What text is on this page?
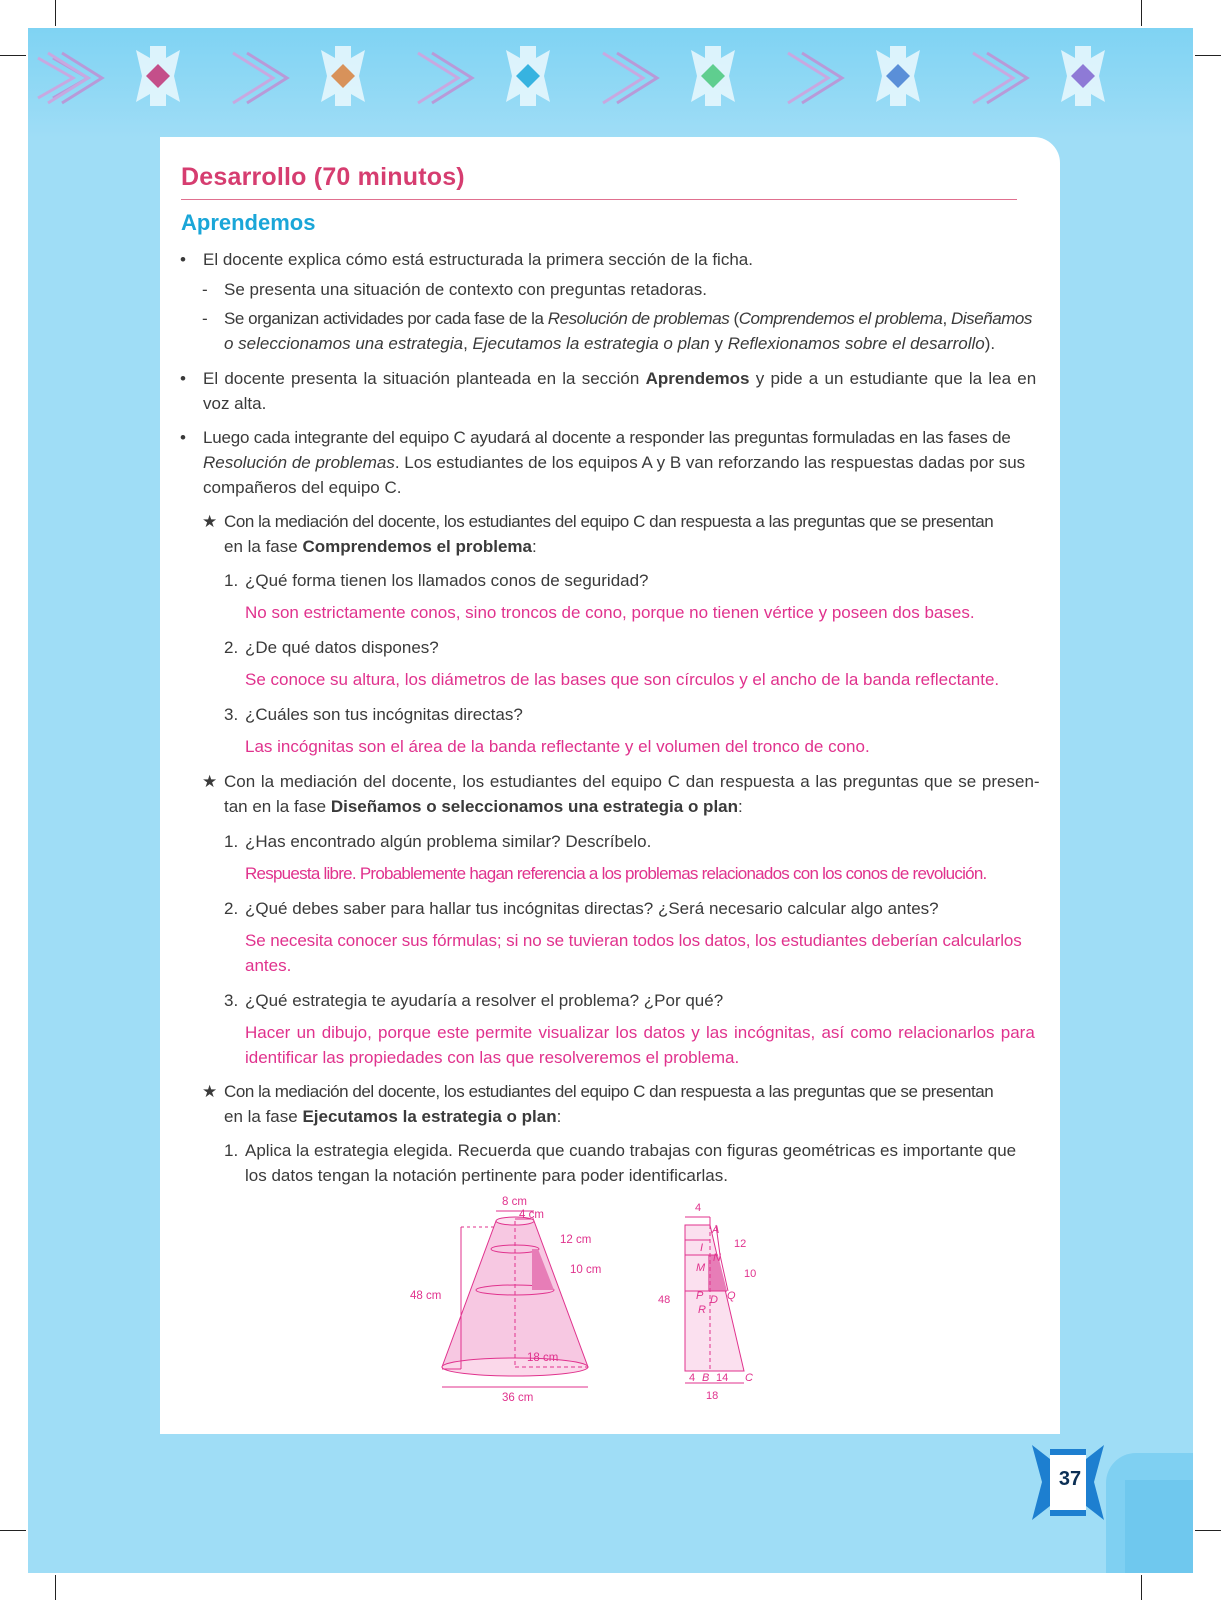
Desarrollo (70 minutos)
Aprendemos
• El docente explica cómo está estructurada la primera sección de la ficha.
- Se presenta una situación de contexto con preguntas retadoras.
- Se organizan actividades por cada fase de la Resolución de problemas (Comprendemos el problema, Diseñamos
o seleccionamos una estrategia, Ejecutamos la estrategia o plan y Reflexionamos sobre el desarrollo).
• El docente presenta la situación planteada en la sección Aprendemos y pide a un estudiante que la lea en
voz alta.
• Luego cada integrante del equipo C ayudará al docente a responder las preguntas formuladas en las fases de
Resolución de problemas. Los estudiantes de los equipos A y B van reforzando las respuestas dadas por sus
compañeros del equipo C.
★ Con la mediación del docente, los estudiantes del equipo C dan respuesta a las preguntas que se presentan
en la fase Comprendemos el problema:
1. ¿Qué forma tienen los llamados conos de seguridad?
No son estrictamente conos, sino troncos de cono, porque no tienen vértice y poseen dos bases.
2. ¿De qué datos dispones?
Se conoce su altura, los diámetros de las bases que son círculos y el ancho de la banda reflectante.
3. ¿Cuáles son tus incógnitas directas?
Las incógnitas son el área de la banda reflectante y el volumen del tronco de cono.
★ Con la mediación del docente, los estudiantes del equipo C dan respuesta a las preguntas que se presen-
tan en la fase Diseñamos o seleccionamos una estrategia o plan:
1. ¿Has encontrado algún problema similar? Descríbelo.
Respuesta libre. Probablemente hagan referencia a los problemas relacionados con los conos de revolución.
2. ¿Qué debes saber para hallar tus incógnitas directas? ¿Será necesario calcular algo antes?
Se necesita conocer sus fórmulas; si no se tuvieran todos los datos, los estudiantes deberían calcularlos
antes.
3. ¿Qué estrategia te ayudaría a resolver el problema? ¿Por qué?
Hacer un dibujo, porque este permite visualizar los datos y las incógnitas, así como relacionarlos para
identificar las propiedades con las que resolveremos el problema.
★ Con la mediación del docente, los estudiantes del equipo C dan respuesta a las preguntas que se presentan
en la fase Ejecutamos la estrategia o plan:
1. Aplica la estrategia elegida. Recuerda que cuando trabajas con figuras geométricas es importante que
los datos tengan la notación pertinente para poder identificarlas.
8 cm
4 cm
12 cm
10 cm
48 cm
18 cm
36 cm
4
12
10
48
4 14
18
A
I
N
M
P D Q
R
B	C
37
